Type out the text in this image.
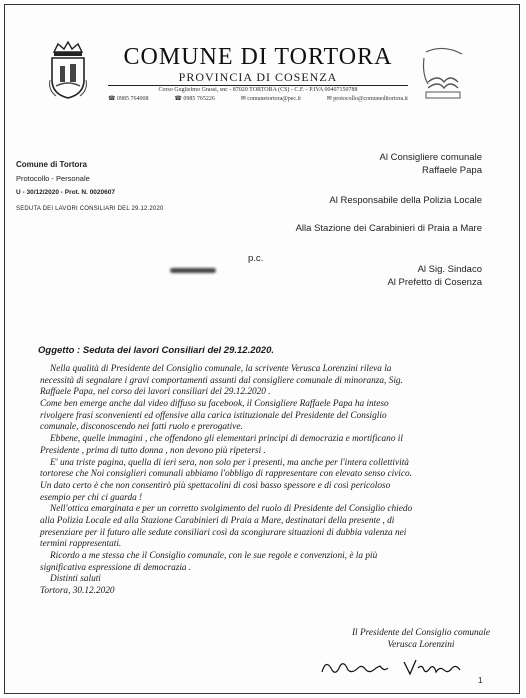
COMUNE DI TORTORA
PROVINCIA DI COSENZA
Corso Guglielmo Grassi, snc - 87020 TORTORA (CS) - C.F. - P.IVA 00407150788
☎ 0985 764008	☎ 0985 765226	✉ comunetortora@pec.it	✉ protocollo@comuneditortora.it
Comune di Tortora
Protocollo - Personale
U - 30/12/2020 - Prot. N. 0020607
SEDUTA DEI LAVORI CONSILIARI DEL 29.12.2020
Al Consigliere comunale
Raffaele Papa
Al Responsabile della Polizia Locale
Alla Stazione dei Carabinieri di Praia a Mare
p.c.
Al Sig. Sindaco
Al Prefetto di Cosenza
Oggetto : Seduta dei lavori Consiliari del 29.12.2020.
Nella qualità di Presidente del Consiglio comunale, la scrivente Verusca Lorenzini rileva la
necessità di segnalare i gravi comportamenti assunti dal consigliere comunale di minoranza, Sig.
Raffaele Papa, nel corso dei lavori consiliari del 29.12.2020 .
Come ben emerge anche dal video diffuso su facebook, il Consigliere Raffaele Papa ha inteso
rivolgere frasi sconvenienti ed offensive alla carica istituzionale del Presidente del Consiglio
comunale, disconoscendo nei fatti ruolo e prerogative.
Ebbene, quelle immagini , che offendono gli elementari principi di democrazia e mortificano il
Presidente , prima di tutto donna , non devono più ripetersi .
E' una triste pagina, quella di ieri sera, non solo per i presenti, ma anche per l'intera collettività
tortorese che Noi consiglieri comunali abbiamo l'obbligo di rappresentare con elevato senso civico.
Un dato certo è che non consentirò più spettacolini di così basso spessore e di così pericoloso
esempio per chi ci guarda !
Nell'ottica emarginata e per un corretto svolgimento del ruolo di Presidente del Consiglio chiedo
alla Polizia Locale ed alla Stazione Carabinieri di Praia a Mare, destinatari della presente , di
presenziare per il futuro alle sedute consiliari così da scongiurare situazioni di dubbia valenza nei
termini rappresentati.
Ricordo a me stessa che il Consiglio comunale, con le sue regole e convenzioni, è la più
significativa espressione di democrazia .
Distinti saluti
Tortora, 30.12.2020
Il Presidente del Consiglio comunale
Verusca Lorenzini
1
